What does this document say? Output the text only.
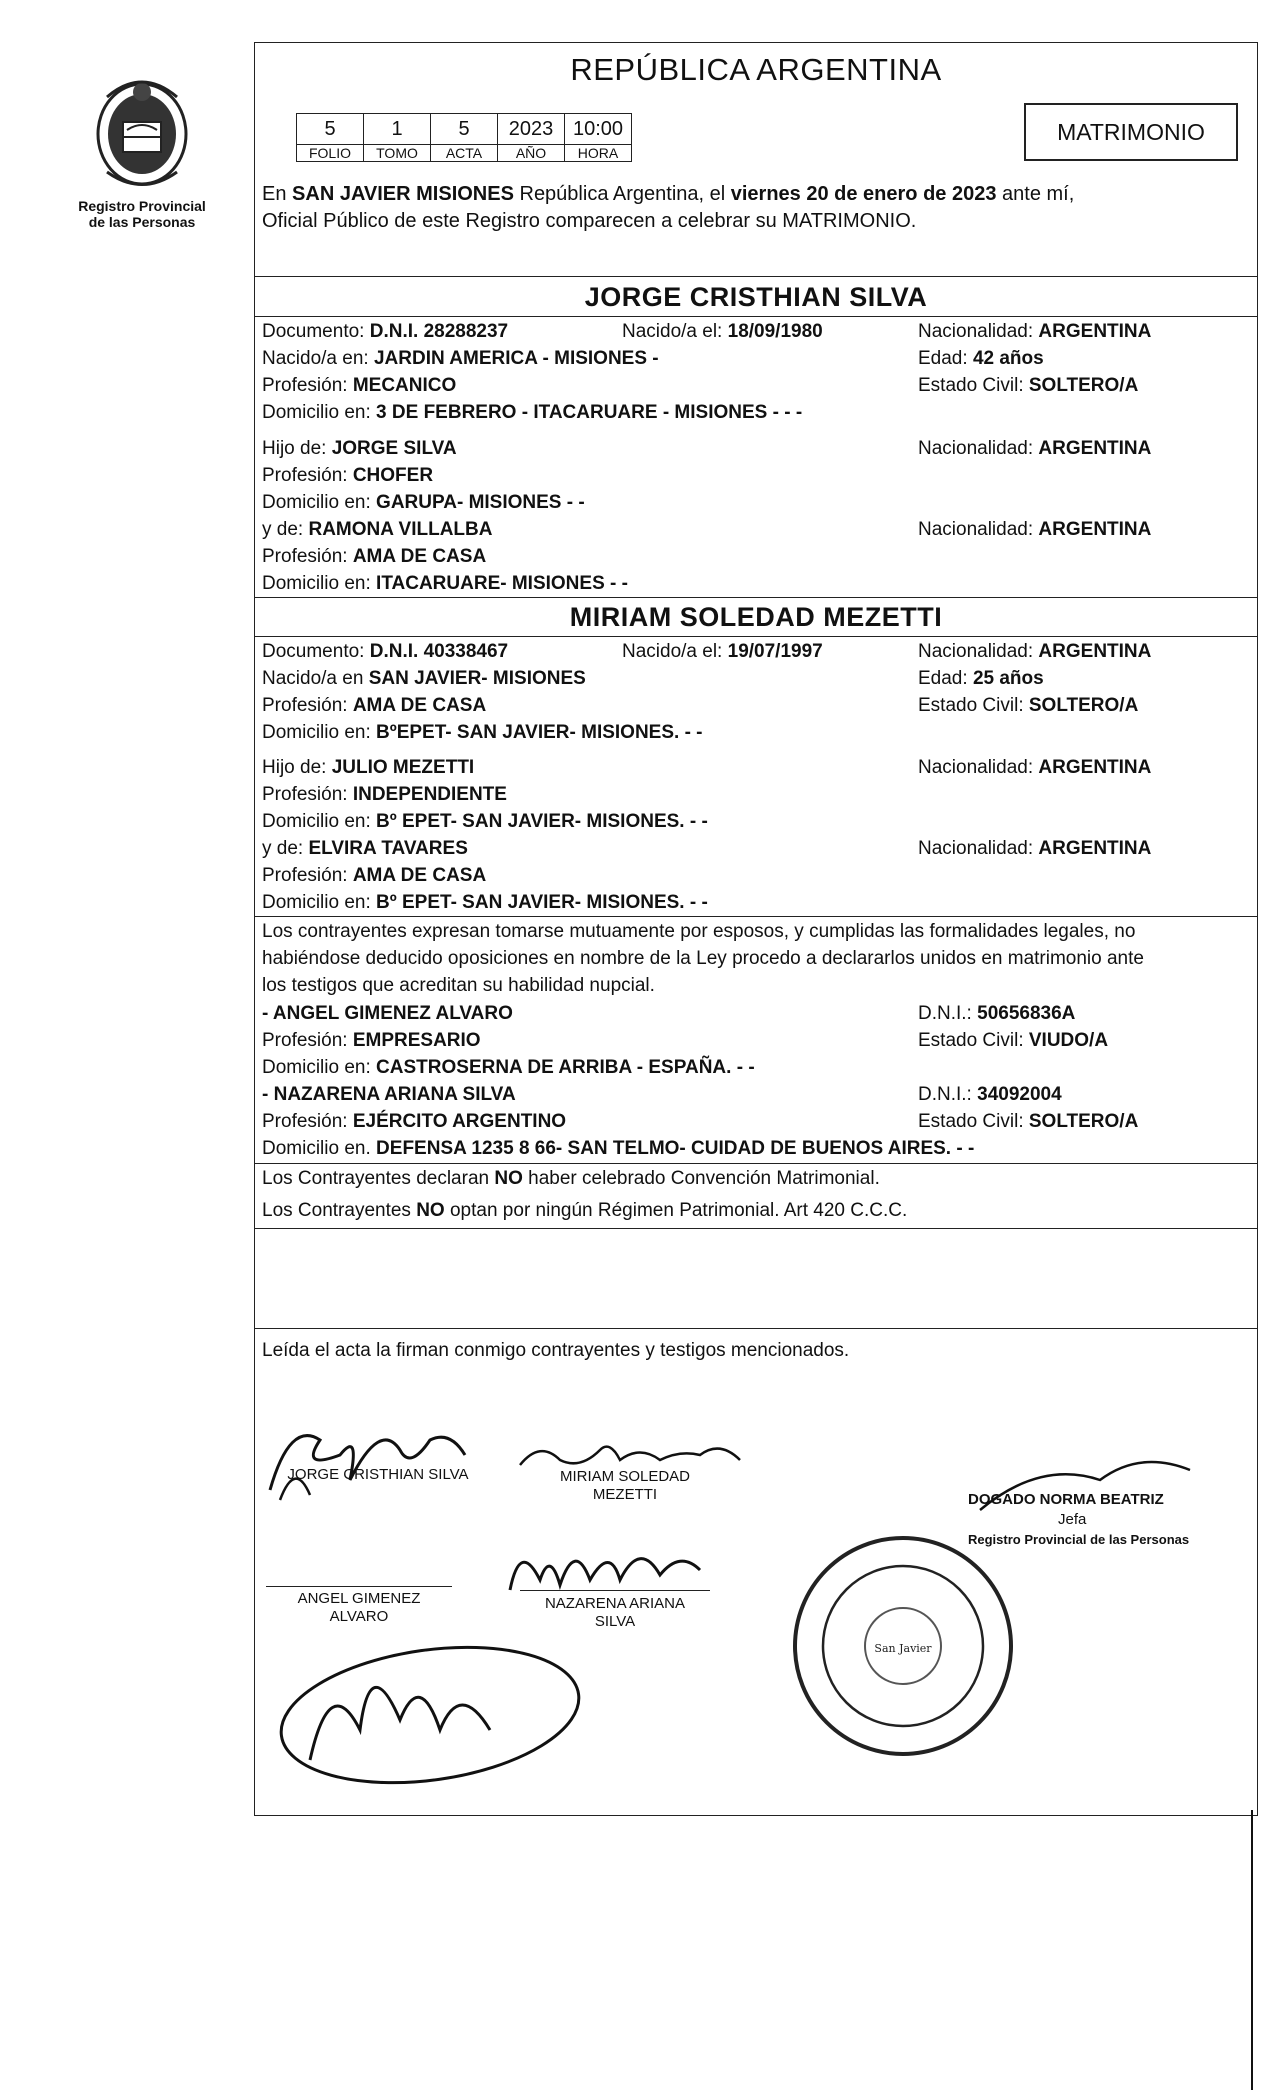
Registro Provincial
de las Personas
REPÚBLICA ARGENTINA
5	1	5	2023	10:00
FOLIO	TOMO	ACTA	AÑO	HORA
MATRIMONIO
En SAN JAVIER MISIONES República Argentina, el viernes 20 de enero de 2023 ante mí,
Oficial Público de este Registro comparecen a celebrar su MATRIMONIO.
JORGE CRISTHIAN SILVA
Documento: D.N.I. 28288237	Nacido/a el: 18/09/1980	Nacionalidad: ARGENTINA
Nacido/a en: JARDIN AMERICA - MISIONES -	Edad: 42 años
Profesión: MECANICO	Estado Civil: SOLTERO/A
Domicilio en: 3 DE FEBRERO - ITACARUARE - MISIONES - - -
Hijo de: JORGE SILVA	Nacionalidad: ARGENTINA
Profesión: CHOFER
Domicilio en: GARUPA- MISIONES - -
y de: RAMONA VILLALBA	Nacionalidad: ARGENTINA
Profesión: AMA DE CASA
Domicilio en: ITACARUARE- MISIONES - -
MIRIAM SOLEDAD MEZETTI
Documento: D.N.I. 40338467	Nacido/a el: 19/07/1997	Nacionalidad: ARGENTINA
Nacido/a en SAN JAVIER- MISIONES	Edad: 25 años
Profesión: AMA DE CASA	Estado Civil: SOLTERO/A
Domicilio en: BºEPET- SAN JAVIER- MISIONES. - -
Hijo de: JULIO MEZETTI	Nacionalidad: ARGENTINA
Profesión: INDEPENDIENTE
Domicilio en: Bº EPET- SAN JAVIER- MISIONES. - -
y de: ELVIRA TAVARES	Nacionalidad: ARGENTINA
Profesión: AMA DE CASA
Domicilio en: Bº EPET- SAN JAVIER- MISIONES. - -
Los contrayentes expresan tomarse mutuamente por esposos, y cumplidas las formalidades legales, no
habiéndose deducido oposiciones en nombre de la Ley procedo a declararlos unidos en matrimonio ante
los testigos que acreditan su habilidad nupcial.
- ANGEL GIMENEZ ALVARO	D.N.I.: 50656836A
Profesión: EMPRESARIO	Estado Civil: VIUDO/A
Domicilio en: CASTROSERNA DE ARRIBA - ESPAÑA. - -
- NAZARENA ARIANA SILVA	D.N.I.: 34092004
Profesión: EJÉRCITO ARGENTINO	Estado Civil: SOLTERO/A
Domicilio en. DEFENSA 1235 8 66- SAN TELMO- CUIDAD DE BUENOS AIRES. - -
Los Contrayentes declaran NO haber celebrado Convención Matrimonial.
Los Contrayentes NO optan por ningún Régimen Patrimonial. Art 420 C.C.C.
Leída el acta la firman conmigo contrayentes y testigos mencionados.
JORGE CRISTHIAN SILVA	MIRIAM SOLEDAD
MEZETTI
ANGEL GIMENEZ
ALVARO
NAZARENA ARIANA
SILVA
DOGADO NORMA BEATRIZ
Jefa
Registro Provincial de las Personas
San Javier
